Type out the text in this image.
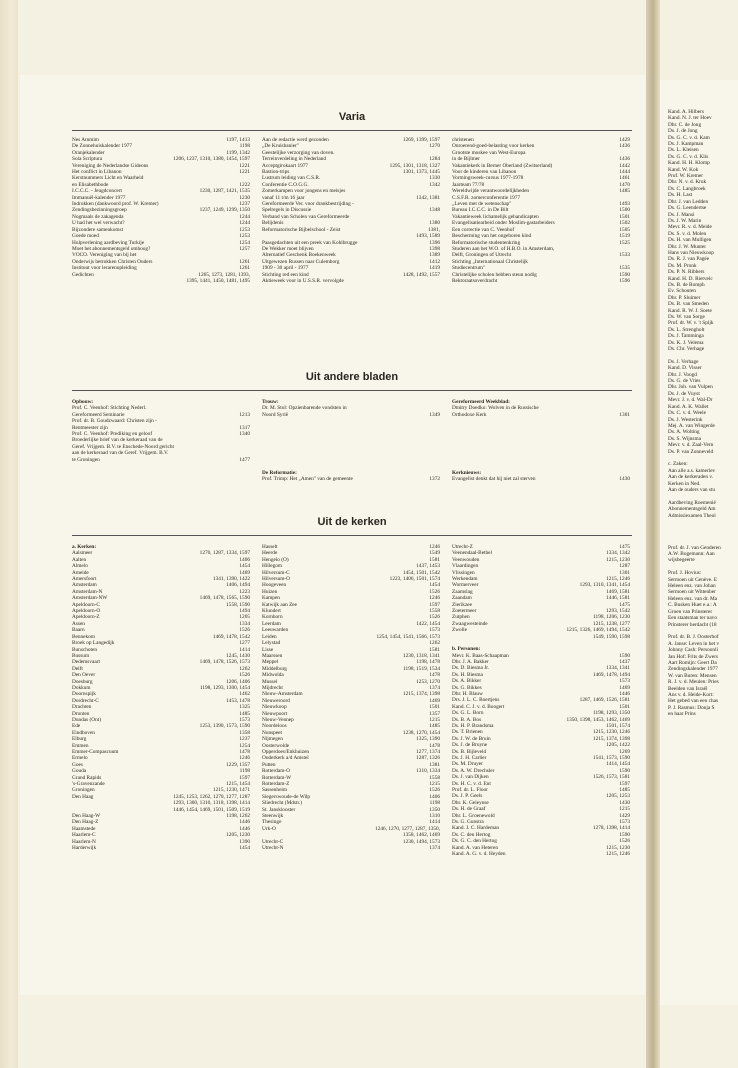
Varia
Nes Ammim	1197, 1413
De Zonnehuiskalender 1977	1198
Oranjekalender	1199, 1342
Sola Scriptura	1206, 1237, 1310, 1380, 1454, 1597
Vereniging de Nederlandse Gideons	1221
Het conflict in Libanon	1221
Kerstnummers Licht en Waarheid
en Elisabethbode	1222
I.C.C.C. - Jeugdconcert	1230, 1287, 1421, 1535
Immanuël-kalender 1977	1230
Indrukken (dankwoord prof. W. Kremer)	1237
Zendingsbezinningsgroep	1237, 1249, 1299, 1350
Nogmaals de zakagenda	1244
U had het wel verwacht?	1244
Bijzondere samenkomst	1253
Goede moed	1253
Hulpverlening aardbeving Turkije	1254
Moet het abonnementsgeld omhoog?	1257
VOCO. Vereniging van bij het
Onderwijs betrokken Christen Ouders	1261
Instituut voor lerarenopleiding	1261
Gedichten	1265, 1273, 1281, 1393,
1395, 1441, 1450, 1481, 1495
Aan de redactie werd gezonden	1269, 1399, 1597
„De Kruisbanier"	1270
Geestelijke verzorging van doven.
Terreinverdeling in Nederland	1284
Acceptgirokaart 1977	1295, 1301, 1318, 1327
Bastion-trips	1301, 1373, 1445
Lustrum leiding van C.S.R.	1330
Conferentie C.O.G.G.	1342
Zomerkampen voor jongens en meisjes
vanaf 11 t/m 16 jaar	1342, 1381
Gereformeerde Ver. voor drankbestrijding -
Spelregels in Discussie	1348
Verband van Scholen van Gereformeerde
Belijdenis	1380
Reformatorische Bijbelschool - Zeist	1381,
1493, 1589
Paasgedachten uit een preek van Kohlbrugge	1396
De Wekker moet blijven	1398
Alternatief Geschenk Boekenweek	1389
Uitgewezen Russen naar Culemborg	1412
1909 - 30 april - 1977	1419
Stichting red een kind	1428, 1492, 1557
Aktieweek voor in U.S.S.R. vervolgde
christenen	1429
Onroerend-goed-belasting voor kerken	1436
Grootste moskee van West-Europa
in de Bijlmer	1436
Vakantiekerk in Berner Oberland (Zwitserland)	1442
Voor de kinderen van Libanon	1444
Vormingsweek-cursus 1977-1978	1461
Jaarteam 77/78	1470
Wereldwijde verantwoordelijkheden	1485
C.S.F.R. zomerconferentie 1977
„Leven met de wetenschap"	1493
Bureau I.C.C.C. in De Bilt	1500
Vakantieweek lichamelijk gehandicapten	1501
Evangelisatiearbeid onder Moslim-gastarbeiders	1502
Een correctie van C. Veenhof	1505
Bescherming van het ongeboren kind	1519
Reformatorische studentenkring	1525
Studeren aan het W.O. of H.B.O. in Amsterdam,
Delft, Groningen of Utrecht	1533
Stichting „Internationaal Christelijk
Studiecentrum"	1535
Christelijke scholen hebben steun nodig	1590
Rektoraatsoverdracht	1596
Uit andere bladen
Opbouw:
Prof. C. Veenhof: Stichting Nederl.
Gereformeerd Seminarie	1213
Prof. dr. B. Goudzwaard: Christen zijn -
Rentmeester zijn	1317
Prof. C. Veenhof: Prediking en geloof	1340
Broederlijke brief van de kerkeraad van de
Geref. Vrijgem. B.V. te Enschede-Noord gericht
aan de kerkeraad van de Geref. Vrijgem. B.V.
te Groningen	1477
Trouw:
Dr. M. Stol: Opzienbarende vondsten in
Noord Syrië	1349
De Reformatie:
Prof. Trimp: Het „Amen" van de gemeente	1372
Gereformeerd Weekblad:
Dmitry Doedko: Wolven in de Russische
Orthodoxe Kerk	1301
Kerknieuws:
Evangelist denkt dat hij niet zal sterven	1430
Uit de kerken
a. Kerken:
Aalsmeer	1270, 1287, 1334, 1597
Aalten	1406
Almelo	1454
Ameide	1469
Amersfoort	1341, 1390, 1422
Amsterdam	1406, 1494
Amsterdam-N	1223
Amsterdam-NW	1469, 1478, 1565, 1590
Apeldoorn-C	1558, 1590
Apeldoorn-O	1494
Apeldoorn-Z	1205
Assen	1334
Baarn	1526
Bennekom	1469, 1478, 1542
Broek op Langedijk	1277
Bunschoten	1414
Bussum	1245, 1430
Dedemsvaart	1469, 1478, 1526, 1573
Delft	1262
Den Oever	1526
Doesburg	1206, 1406
Dokkum	1198, 1293, 1300, 1454
Doornspijk	1462
Dordrecht-C	1453, 1478
Drachten	1325
Dronten	1485
Dundas (Ont)	1573
Ede	1253, 1390, 1573, 1590
Eindhoven	1358
Elburg	1237
Emmen	1254
Emmer-Compascuum	1478
Ermelo	1246
Goes	1229, 1357
Gouda	1198
Grand Rapids	1597
's-Gravenzande	1215, 1454
Groningen	1215, 1230, 1471
Den Haag	1245, 1253, 1262, 1270, 1277, 1287
1293, 1300, 1310, 1318, 1398, 1414
1446, 1454, 1469, 1501, 1509, 1519
Den Haag-W	1198, 1262
Den Haag-Z	1446
Haamstede	1446
Haarlem-C	1205, 1230
Haarlem-N	1390
Harderwijk	1454
Hasselt	1246
Heerde	1549
Hengelo (O)	1581
Hillegom	1437, 1453
Hilversum-C	1454, 1501, 1542
Hilversum-O	1223, 1406, 1501, 1574
Hoogeveen	1454
Huizen	1526
Kampen	1246
Katwijk aan Zee	1597
Klundert	1558
Kornhorn	1526
Leerdam	1422, 1454
Leeuwarden	1573
Leiden	1254, 1454, 1541, 1566, 1573
Lelystad	1262
Lisse	1581
Maarssen	1230, 1318, 1341
Meppel	1198, 1478
Middelburg	1198, 1519, 1534
Midwolda	1478
Mussel	1253, 1270
Mijdrecht	1374
Nieuw-Amsterdam	1215, 1374, 1398
Nieuweroord	1469
Nieuwkoop	1501
Nieuwpoort	1357
Nieuw-Vennep	1215
Noordeloos	1485
Nunspeet	1238, 1270, 1454
Nijmegen	1325, 1390
Oosterwolde	1478
Opperdoes/Enkhuizen	1277, 1374
Ouderkerk a/d Amstel	1287, 1326
Putten	1381
Rotterdam-O	1310, 1334
Rotterdam-W	1558
Rotterdam-Z	1215
Sassenheim	1526
Siegerswoude-de Wilp	1406
Sliedrecht (Mdstr.)	1198
St. Jansklooster	1350
Steenwijk	1310
Thesinge	1414
Urk-O	1246, 1270, 1277, 1287, 1350,
1358, 1462, 1469
Utrecht-C	1230, 1494, 1573
Utrecht-N	1374
Utrecht-Z	1475
Veenendaal-Bethel	1334, 1342
Veenwouden	1215, 1230
Vlaardingen	1287
Vlissingen	1301
Werkendam	1215, 1246
Wormerveer	1293, 1310, 1341, 1454
Zaamslag	1469, 1581
Zaandam	1446, 1581
Zierikzee	1475
Zoetermeer	1293, 1542
Zutphen	1198, 1206, 1230
Zwaagwesteinde	1215, 1238, 1277
Zwolle	1215, 1326, 1469, 1494, 1542
1549, 1590, 1598
b. Personen:
Mevr. K. Baas-Schaapman	1590
Dhr. J. A. Bakker	1437
Ds. D. Biesma Jr.	1334, 1341
Ds. H. Biesma	1469, 1478, 1494
Ds. A. Bikker	1573
Ds. G. Bikkes	1469
Dhr. H. Blauw	1446
Drs. J. L. C. Boertjens	1287, 1469, 1526, 1581
Kand. C. J. v. d. Boogert	1501
Ds. G. L. Born	1198, 1293, 1350
Ds. B. A. Bos	1350, 1398, 1453, 1462, 1469
Ds. H. P. Brandsma	1501, 1574
Ds. T. Brienen	1215, 1230, 1246
Ds. J. W. de Bruin	1215, 1374, 1398
Ds. J. de Bruyne	1205, 1422
Ds. B. Bijleveld	1269
Ds. J. H. Carlier	1541, 1573, 1590
Ds. M. Druyer	1414, 1454
Ds. A. W. Drechsler	1590
Ds. J. van Dijken	1526, 1573, 1581
Ds. H. C. v. d. Ent	1597
Prof. dr. L. Floor	1485
Ds. J. P. Geels	1205, 1253
Dhr. K. Geleynse	1430
Ds. H. de Graaf	1215
Dhr. L. Groenewold	1429
Ds. G. Gunstra	1573
Kand. J. C. Hardeman	1278, 1398, 1414
Ds. C. den Hertog	1590
Ds. G. C. den Hertog	1526
Kand. A. van Heteren	1215, 1230
Kand. A. G. v. d. Heyden	1215, 1246
Kand. A. Hilbers
Kand. N. J. ter Hoev
Dhr. C. de Jong
Ds. J. de Jong
Ds. G. C. v. d. Kam
Ds. J. Kampman
Ds. L. Kleisen
Ds. G. C. v. d. Klis
Kand. H. H. Klomp
Kand. W. Kok
Prof. W. Kremer
Dhr. N. v. d. Kruk
Ds. C. Langbroek
Ds. H. Last
Dhr. J. van Ledden
Ds. G. Leendertse
Ds. J. Mansi
Ds. J. W. Marin
Mevr. R. v. d. Meide
Ds. S. v. d. Molen
Ds. H. van Mulligen
Dhr. J. W. Munter
Hans van Nieuwkoop
Ds. R. J. van Pagée
Ds. M. Pronk
Ds. P. N. Ribbers
Kand. H. D. Rietvelc
Ds. B. de Romph
Ev. Schouten
Dhr. P. Sluimer
Ds. B. van Smeden
Kand. R. W. J. Soete
Ds. W. van Sorge
Prof. dr. W. v. 't Spijk
Ds. L. Strengholt
Ds. J. Tamminga
Ds. K. J. Velema
Ds. Chr. Verhage

Ds. J. Verhage
Kand. D. Visser
Dhr. J. Voogd
Ds. G. de Vries
Dhr. Joh. van Vulpen
Ds. J. de Vuyst
Mevr. J. v. d. Wal-Dr
Kand. A. K. Wallet
Ds. C. v. d. Weele
Ds. J. Westerink
Mej. A. van Wingerde
Ds. A. Wolting
Ds. S. Wijnsma
Mevr. v. d. Zaal-Vern
Ds. P. van Zonneveld

c. Zaken:
Aan alle a.s. kamerlev
Aan de kerkeraden v.
Kerken in Ned.
Aan de ouders van stu

Aardbeving Roemenië
Abonnementsgeld Am
Admissiexamen Theol

Prof. dr. J. van Genderen
A.W. Bogemann: Aan
wijsbegeerte

Prof. J. Hovius:
Sermoen uit Genève. E
Heleen enz. van Johan
Sermoen uit Wittenber
Heleen enz. van dr. Ma
C. Busken Huet e.a.: A
Groen van Prinsterer
Een staatsman ter navo
Prinsterer herdacht (18

Prof. dr. B. J. Oosterhof
A. Janse: Leven in het v
Johnny Cash: Persoonli
Jan Hof: Frits de Zwers
Aart Romijn: Geert Da
Zendingskalender 1977
W. van Buren: Mensen
R. J. v. d. Meulen: Pries
Beelden van Israël
Ans v. d. Heide-Kort:
Het gebed van een chas
P. J. Rasmus: Donja S
en haar Prins
